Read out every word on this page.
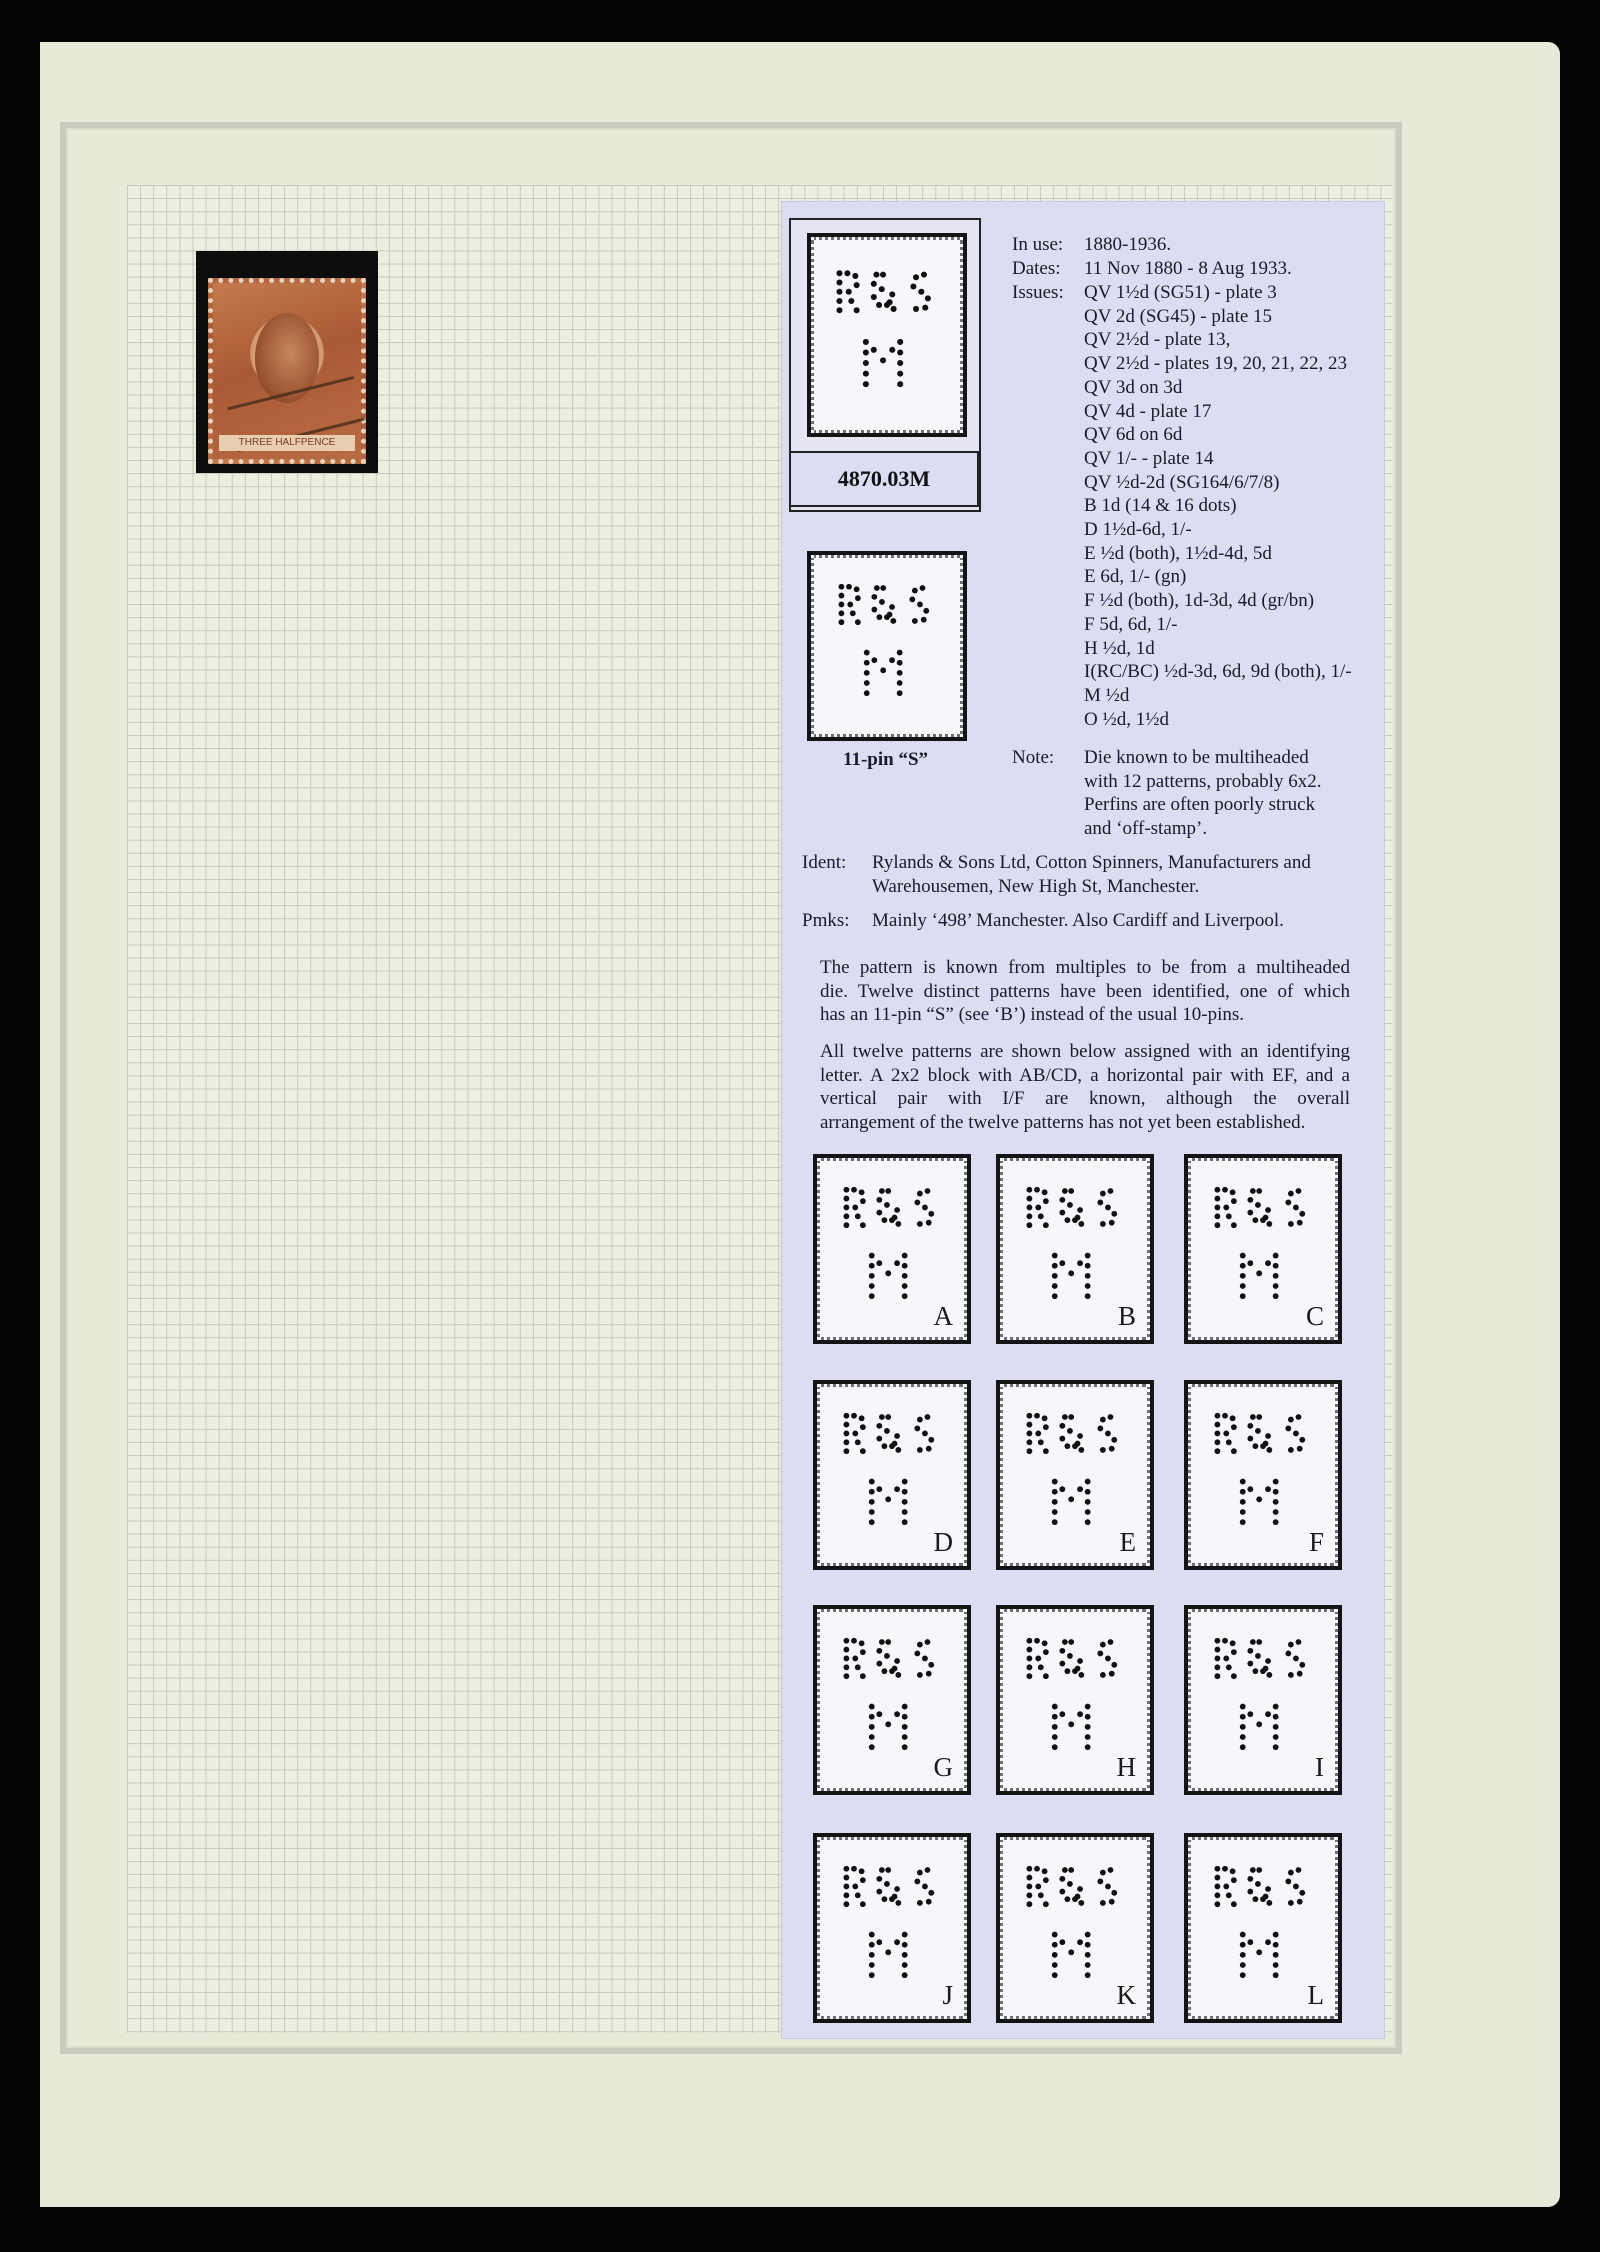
THREE HALFPENCE
4870.03M
11-pin “S”
In use: 1880-1936.
Dates: 11 Nov 1880 - 8 Aug 1933.
Issues: QV 1½d (SG51) - plate 3
QV 2d (SG45) - plate 15
QV 2½d - plate 13,
QV 2½d - plates 19, 20, 21, 22, 23
QV 3d on 3d
QV 4d - plate 17
QV 6d on 6d
QV 1/- - plate 14
QV ½d-2d (SG164/6/7/8)
B 1d (14 & 16 dots)
D 1½d-6d, 1/-
E ½d (both), 1½d-4d, 5d
E 6d, 1/- (gn)
F ½d (both), 1d-3d, 4d (gr/bn)
F 5d, 6d, 1/-
H ½d, 1d
I(RC/BC) ½d-3d, 6d, 9d (both), 1/-
M ½d
O ½d, 1½d
Note: Die known to be multiheaded
with 12 patterns, probably 6x2.
Perfins are often poorly struck
and ‘off-stamp’.
Ident: Rylands & Sons Ltd, Cotton Spinners, Manufacturers and
Warehousemen, New High St, Manchester.
Pmks: Mainly ‘498’ Manchester. Also Cardiff and Liverpool.
The pattern is known from multiples to be from a multiheaded
die. Twelve distinct patterns have been identified, one of which
has an 11-pin “S” (see ‘B’) instead of the usual 10-pins.
All twelve patterns are shown below assigned with an identifying
letter. A 2x2 block with AB/CD, a horizontal pair with EF, and a
vertical pair with I/F are known, although the overall
arrangement of the twelve patterns has not yet been established.
A	B	C
D	E	F
G	H	I
J	K	L
